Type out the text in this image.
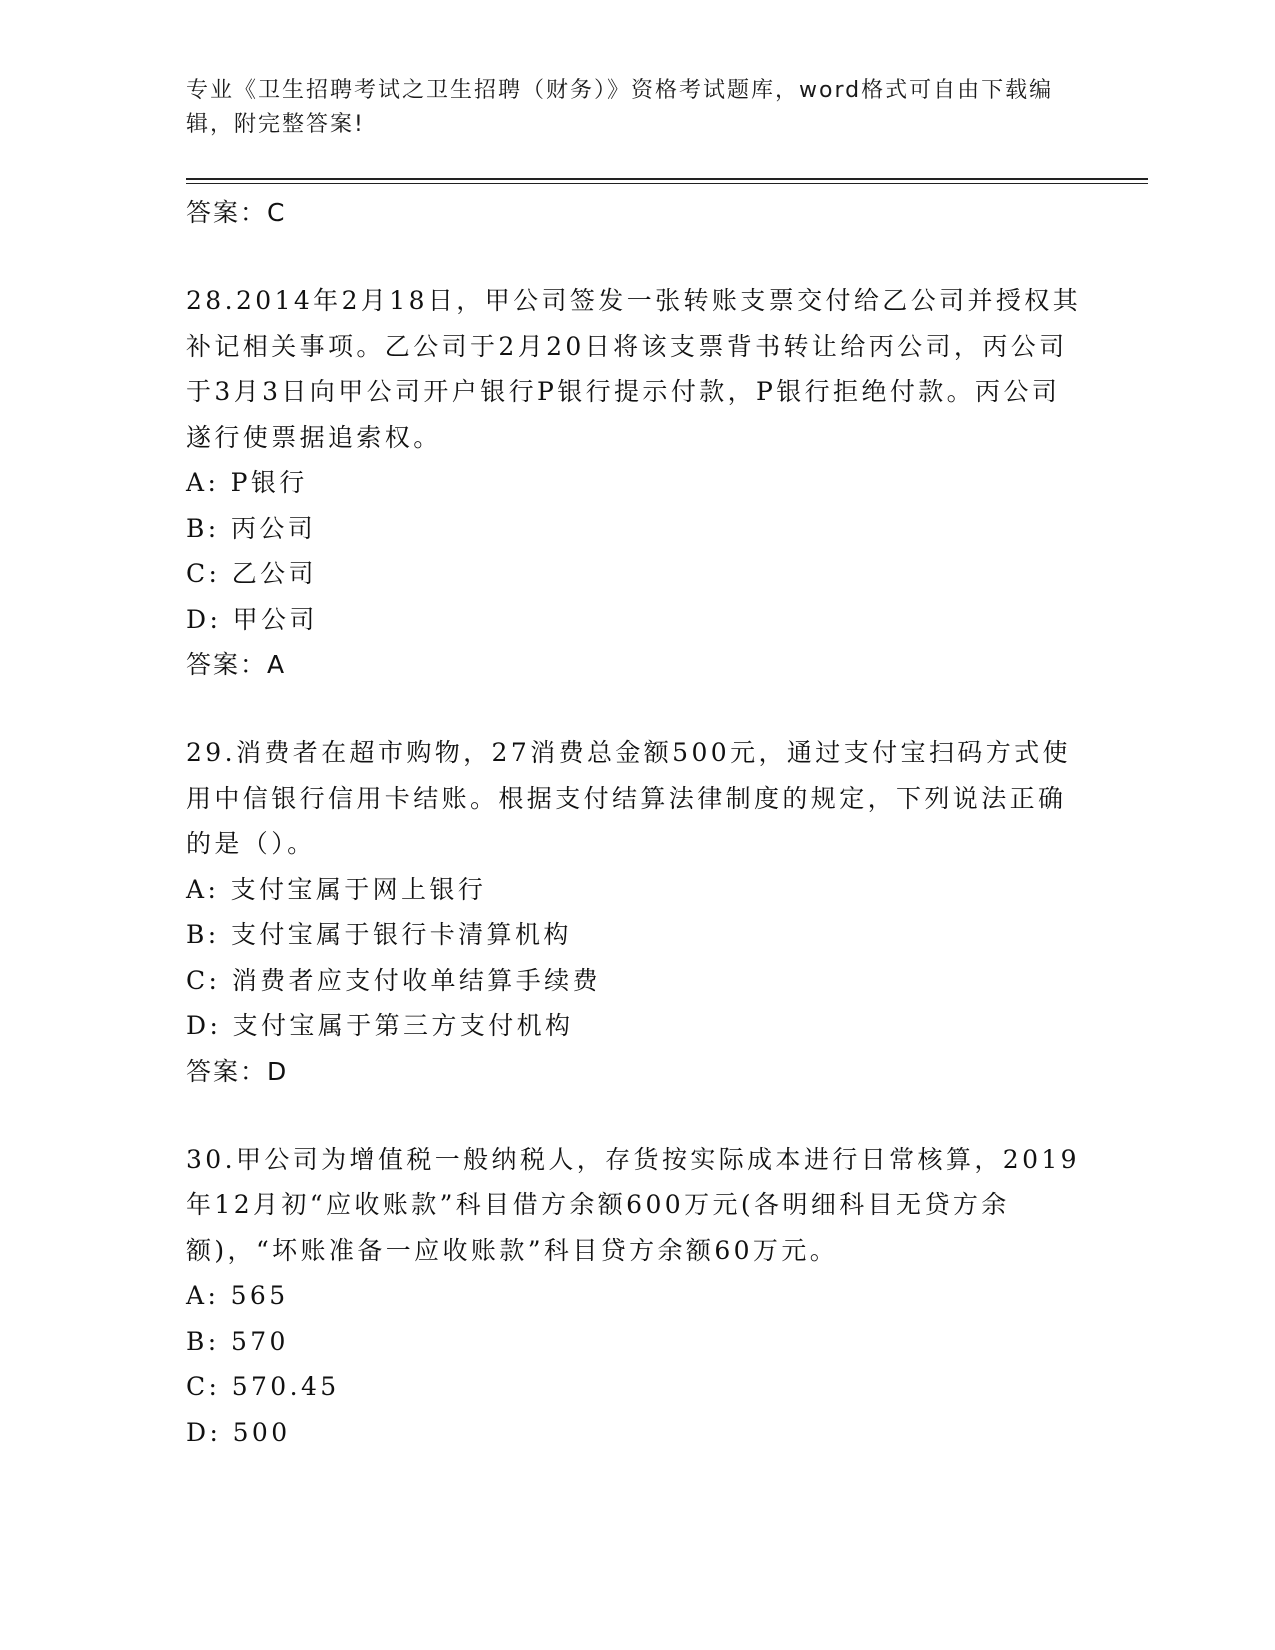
专业《卫生招聘考试之卫生招聘（财务）》资格考试题库，word格式可自由下载编辑，附完整答案!
答案：C

28.2014年2月18日，甲公司签发一张转账支票交付给乙公司并授权其补记相关事项。乙公司于2月20日将该支票背书转让给丙公司，丙公司于3月3日向甲公司开户银行P银行提示付款，P银行拒绝付款。丙公司遂行使票据追索权。

A: P银行
B: 丙公司
C: 乙公司
D: 甲公司
答案：A

29.消费者在超市购物，27消费总金额500元，通过支付宝扫码方式使用中信银行信用卡结账。根据支付结算法律制度的规定，下列说法正确的是（）。

A: 支付宝属于网上银行
B: 支付宝属于银行卡清算机构
C: 消费者应支付收单结算手续费
D: 支付宝属于第三方支付机构
答案：D

30.甲公司为增值税一般纳税人，存货按实际成本进行日常核算，2019年12月初“应收账款”科目借方余额600万元(各明细科目无贷方余额)，“坏账准备一应收账款”科目贷方余额60万元。

A: 565
B: 570
C: 570.45
D: 500
